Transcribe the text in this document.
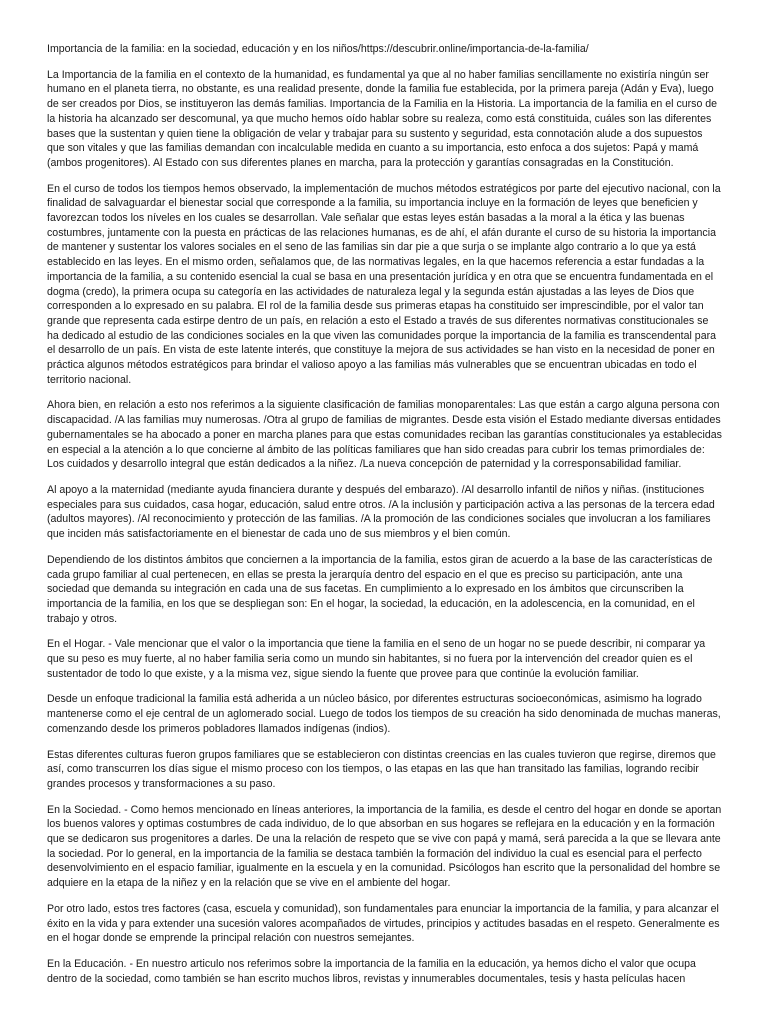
Importancia de la familia: en la sociedad, educación y en los niños/https://descubrir.online/importancia-de-la-familia/

La Importancia de la familia en el contexto de la humanidad, es fundamental ya que al no haber familias sencillamente no existiría ningún ser humano en el planeta tierra, no obstante, es una realidad presente, donde la familia fue establecida, por la primera pareja (Adán y Eva), luego de ser creados por Dios, se instituyeron las demás familias. Importancia de la Familia en la Historia. La importancia de la familia en el curso de la historia ha alcanzado ser descomunal, ya que mucho hemos oído hablar sobre su realeza, como está constituida, cuáles son las diferentes bases que la sustentan y quien tiene la obligación de velar y trabajar para su sustento y seguridad, esta connotación alude a dos supuestos que son vitales y que las familias demandan con incalculable medida en cuanto a su importancia, esto enfoca a dos sujetos: Papá y mamá (ambos progenitores). Al Estado con sus diferentes planes en marcha, para la protección y garantías consagradas en la Constitución.

En el curso de todos los tiempos hemos observado, la implementación de muchos métodos estratégicos por parte del ejecutivo nacional, con la finalidad de salvaguardar el bienestar social que corresponde a la familia, su importancia incluye en la formación de leyes que beneficien y favorezcan todos los níveles en los cuales se desarrollan. Vale señalar que estas leyes están basadas a la moral a la ética y las buenas costumbres, juntamente con la puesta en prácticas de las relaciones humanas, es de ahí, el afán durante el curso de su historia la importancia de mantener y sustentar los valores sociales en el seno de las familias sin dar pie a que surja o se implante algo contrario a lo que ya está establecido en las leyes. En el mismo orden, señalamos que, de las normativas legales, en la que hacemos referencia a estar fundadas a la importancia de la familia, a su contenido esencial la cual se basa en una presentación jurídica y en otra que se encuentra fundamentada en el dogma (credo), la primera ocupa su categoría en las actividades de naturaleza legal y la segunda están ajustadas a las leyes de Dios que corresponden a lo expresado en su palabra. El rol de la familia desde sus primeras etapas ha constituido ser imprescindible, por el valor tan grande que representa cada estirpe dentro de un país, en relación a esto el Estado a través de sus diferentes normativas constitucionales se ha dedicado al estudio de las condiciones sociales en la que viven las comunidades porque la importancia de la familia es transcendental para el desarrollo de un país. En vista de este latente interés, que constituye la mejora de sus actividades se han visto en la necesidad de poner en práctica algunos métodos estratégicos para brindar el valioso apoyo a las familias más vulnerables que se encuentran ubicadas en todo el territorio nacional.

Ahora bien, en relación a esto nos referimos a la siguiente clasificación de familias monoparentales: Las que están a cargo alguna persona con discapacidad. /A las familias muy numerosas. /Otra al grupo de familias de migrantes. Desde esta visión el Estado mediante diversas entidades gubernamentales se ha abocado a poner en marcha planes para que estas comunidades reciban las garantías constitucionales ya establecidas en especial a la atención a lo que concierne al ámbito de las políticas familiares que han sido creadas para cubrir los temas primordiales de: Los cuidados y desarrollo integral que están dedicados a la niñez. /La nueva concepción de paternidad y la corresponsabilidad familiar.

Al apoyo a la maternidad (mediante ayuda financiera durante y después del embarazo). /Al desarrollo infantil de niños y niñas. (instituciones especiales para sus cuidados, casa hogar, educación, salud entre otros. /A la inclusión y participación activa a las personas de la tercera edad (adultos mayores). /Al reconocimiento y protección de las familias. /A la promoción de las condiciones sociales que involucran a los familiares que inciden más satisfactoriamente en el bienestar de cada uno de sus miembros y el bien común.

Dependiendo de los distintos ámbitos que conciernen a la importancia de la familia, estos giran de acuerdo a la base de las características de cada grupo familiar al cual pertenecen, en ellas se presta la jerarquía dentro del espacio en el que es preciso su participación, ante una sociedad que demanda su integración en cada una de sus facetas. En cumplimiento a lo expresado en los ámbitos que circunscriben la importancia de la familia, en los que se despliegan son: En el hogar, la sociedad, la educación, en la adolescencia, en la comunidad, en el trabajo y otros.

En el Hogar. - Vale mencionar que el valor o la importancia que tiene la familia en el seno de un hogar no se puede describir, ni comparar ya que su peso es muy fuerte, al no haber familia seria como un mundo sin habitantes, si no fuera por la intervención del creador quien es el sustentador de todo lo que existe, y a la misma vez, sigue siendo la fuente que provee para que continúe la evolución familiar.

Desde un enfoque tradicional la familia está adherida a un núcleo básico, por diferentes estructuras socioeconómicas, asimismo ha logrado mantenerse como el eje central de un aglomerado social. Luego de todos los tiempos de su creación ha sido denominada de muchas maneras, comenzando desde los primeros pobladores llamados indígenas (indios).

Estas diferentes culturas fueron grupos familiares que se establecieron con distintas creencias en las cuales tuvieron que regirse, diremos que así, como transcurren los días sigue el mismo proceso con los tiempos, o las etapas en las que han transitado las familias, logrando recibir grandes procesos y transformaciones a su paso.

En la Sociedad. - Como hemos mencionado en líneas anteriores, la importancia de la familia, es desde el centro del hogar en donde se aportan los buenos valores y optimas costumbres de cada individuo, de lo que absorban en sus hogares se reflejara en la educación y en la formación que se dedicaron sus progenitores a darles. De una la relación de respeto que se vive con papá y mamá, será parecida a la que se llevara ante la sociedad. Por lo general, en la importancia de la familia se destaca también la formación del individuo la cual es esencial para el perfecto desenvolvimiento en el espacio familiar, igualmente en la escuela y en la comunidad. Psicólogos han escrito que la personalidad del hombre se adquiere en la etapa de la niñez y en la relación que se vive en el ambiente del hogar.

Por otro lado, estos tres factores (casa, escuela y comunidad), son fundamentales para enunciar la importancia de la familia, y para alcanzar el éxito en la vida y para extender una sucesión valores acompañados de virtudes, principios y actitudes basadas en el respeto. Generalmente es en el hogar donde se emprende la principal relación con nuestros semejantes.

En la Educación. - En nuestro articulo nos referimos sobre la importancia de la familia en la educación, ya hemos dicho el valor que ocupa dentro de la sociedad, como también se han escrito muchos libros, revistas y innumerables documentales, tesis y hasta películas hacen
